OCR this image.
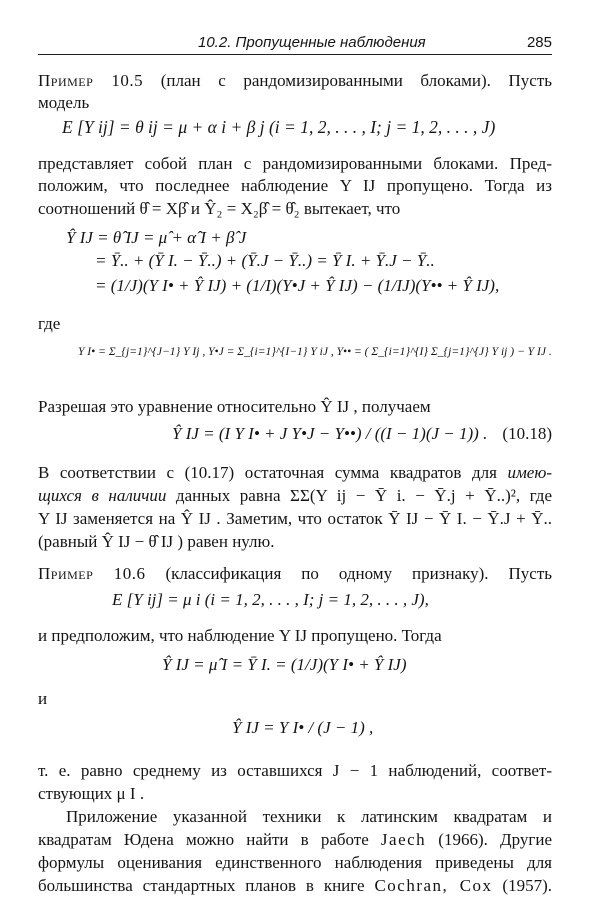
10.2. Пропущенные наблюдения	285
Пример 10.5 (план с рандомизированными блоками). Пусть
модель
E [Y ij] = θ ij = μ + α i + β j (i = 1, 2, . . . , I; j = 1, 2, . . . , J)
представляет собой план с рандомизированными блоками. Пред-
положим, что последнее наблюдение Y IJ пропущено. Тогда из
соотношений θ̂ = Xβ̂ и Ŷ₂ = X₂β̂ = θ̂₂ вытекает, что
Ŷ IJ = θ̂ IJ = μ̂ + α̂ I + β̂ J
= Ȳ.. + (Ȳ I. − Ȳ..) + (Ȳ.J − Ȳ..) = Ȳ I. + Ȳ.J − Ȳ..
= (1/J)(Y I• + Ŷ IJ) + (1/I)(Y•J + Ŷ IJ) − (1/IJ)(Y•• + Ŷ IJ),
где
Y I• = Σ_{j=1}^{J−1} Y Ij , Y•J = Σ_{i=1}^{I−1} Y iJ , Y•• = ( Σ_{i=1}^{I} Σ_{j=1}^{J} Y ij ) − Y IJ .
Разрешая это уравнение относительно Ŷ IJ , получаем
Ŷ IJ = (I Y I• + J Y•J − Y••) / ((I − 1)(J − 1)) . (10.18)
В соответствии с (10.17) остаточная сумма квадратов для имею-
щихся в наличии данных равна ΣΣ(Y ij − Ȳ i. − Ȳ.j + Ȳ..)², где
Y IJ заменяется на Ŷ IJ . Заметим, что остаток Ȳ IJ − Ȳ I. − Ȳ.J + Ȳ..
(равный Ŷ IJ − θ̂ IJ ) равен нулю.
Пример 10.6 (классификация по одному признаку). Пусть
E [Y ij] = μ i (i = 1, 2, . . . , I; j = 1, 2, . . . , J),
и предположим, что наблюдение Y IJ пропущено. Тогда
Ŷ IJ = μ̂ I = Ȳ I. = (1/J)(Y I• + Ŷ IJ)
и
Ŷ IJ = Y I• / (J − 1) ,
т. е. равно среднему из оставшихся J − 1 наблюдений, соответ-
ствующих μ I .
Приложение указанной техники к латинским квадратам и
квадратам Юдена можно найти в работе Jaech (1966). Другие
формулы оценивания единственного наблюдения приведены для
большинства стандартных планов в книге Cochran, Cox (1957).
